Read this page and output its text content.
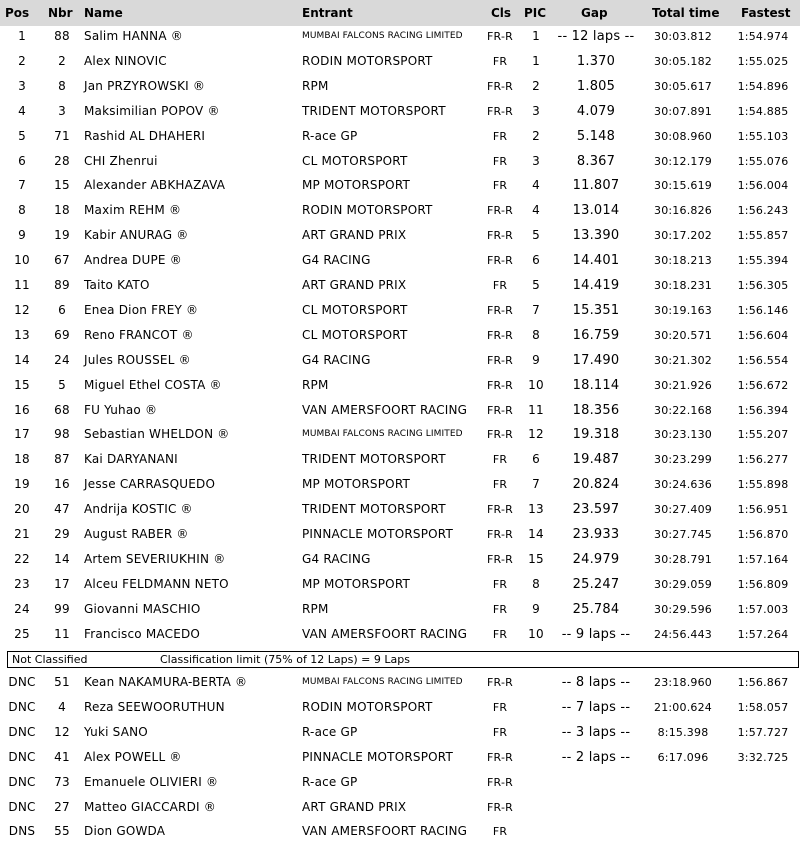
Pos Nbr Name	Entrant	Cls PIC	Gap	Total time Fastest
1	88	Salim HANNA ®	MUMBAI FALCONS RACING LIMITED	FR-R	1	-- 12 laps --	30:03.812	1:54.974
2	2	Alex NINOVIC	RODIN MOTORSPORT	FR	1	1.370	30:05.182	1:55.025
3	8	Jan PRZYROWSKI ®	RPM	FR-R	2	1.805	30:05.617	1:54.896
4	3	Maksimilian POPOV ®	TRIDENT MOTORSPORT	FR-R	3	4.079	30:07.891	1:54.885
5	71	Rashid AL DHAHERI	R-ace GP	FR	2	5.148	30:08.960	1:55.103
6	28	CHI Zhenrui	CL MOTORSPORT	FR	3	8.367	30:12.179	1:55.076
7	15	Alexander ABKHAZAVA	MP MOTORSPORT	FR	4	11.807	30:15.619	1:56.004
8	18	Maxim REHM ®	RODIN MOTORSPORT	FR-R	4	13.014	30:16.826	1:56.243
9	19	Kabir ANURAG ®	ART GRAND PRIX	FR-R	5	13.390	30:17.202	1:55.857
10	67	Andrea DUPE ®	G4 RACING	FR-R	6	14.401	30:18.213	1:55.394
11	89	Taito KATO	ART GRAND PRIX	FR	5	14.419	30:18.231	1:56.305
12	6	Enea Dion FREY ®	CL MOTORSPORT	FR-R	7	15.351	30:19.163	1:56.146
13	69	Reno FRANCOT ®	CL MOTORSPORT	FR-R	8	16.759	30:20.571	1:56.604
14	24	Jules ROUSSEL ®	G4 RACING	FR-R	9	17.490	30:21.302	1:56.554
15	5	Miguel Ethel COSTA ®	RPM	FR-R	10	18.114	30:21.926	1:56.672
16	68	FU Yuhao ®	VAN AMERSFOORT RACING	FR-R	11	18.356	30:22.168	1:56.394
17	98	Sebastian WHELDON ®	MUMBAI FALCONS RACING LIMITED	FR-R	12	19.318	30:23.130	1:55.207
18	87	Kai DARYANANI	TRIDENT MOTORSPORT	FR	6	19.487	30:23.299	1:56.277
19	16	Jesse CARRASQUEDO	MP MOTORSPORT	FR	7	20.824	30:24.636	1:55.898
20	47	Andrija KOSTIC ®	TRIDENT MOTORSPORT	FR-R	13	23.597	30:27.409	1:56.951
21	29	August RABER ®	PINNACLE MOTORSPORT	FR-R	14	23.933	30:27.745	1:56.870
22	14	Artem SEVERIUKHIN ®	G4 RACING	FR-R	15	24.979	30:28.791	1:57.164
23	17	Alceu FELDMANN NETO	MP MOTORSPORT	FR	8	25.247	30:29.059	1:56.809
24	99	Giovanni MASCHIO	RPM	FR	9	25.784	30:29.596	1:57.003
25	11	Francisco MACEDO	VAN AMERSFOORT RACING	FR	10	-- 9 laps --	24:56.443	1:57.264
Not Classified	Classification limit (75% of 12 Laps) = 9 Laps
DNC	51	Kean NAKAMURA-BERTA ®	MUMBAI FALCONS RACING LIMITED	FR-R	-- 8 laps --	23:18.960	1:56.867
DNC	4	Reza SEEWOORUTHUN	RODIN MOTORSPORT	FR	-- 7 laps --	21:00.624	1:58.057
DNC	12	Yuki SANO	R-ace GP	FR	-- 3 laps --	8:15.398	1:57.727
DNC	41	Alex POWELL ®	PINNACLE MOTORSPORT	FR-R	-- 2 laps --	6:17.096	3:32.725
DNC	73	Emanuele OLIVIERI ®	R-ace GP	FR-R
DNC	27	Matteo GIACCARDI ®	ART GRAND PRIX	FR-R
DNS	55	Dion GOWDA	VAN AMERSFOORT RACING	FR
